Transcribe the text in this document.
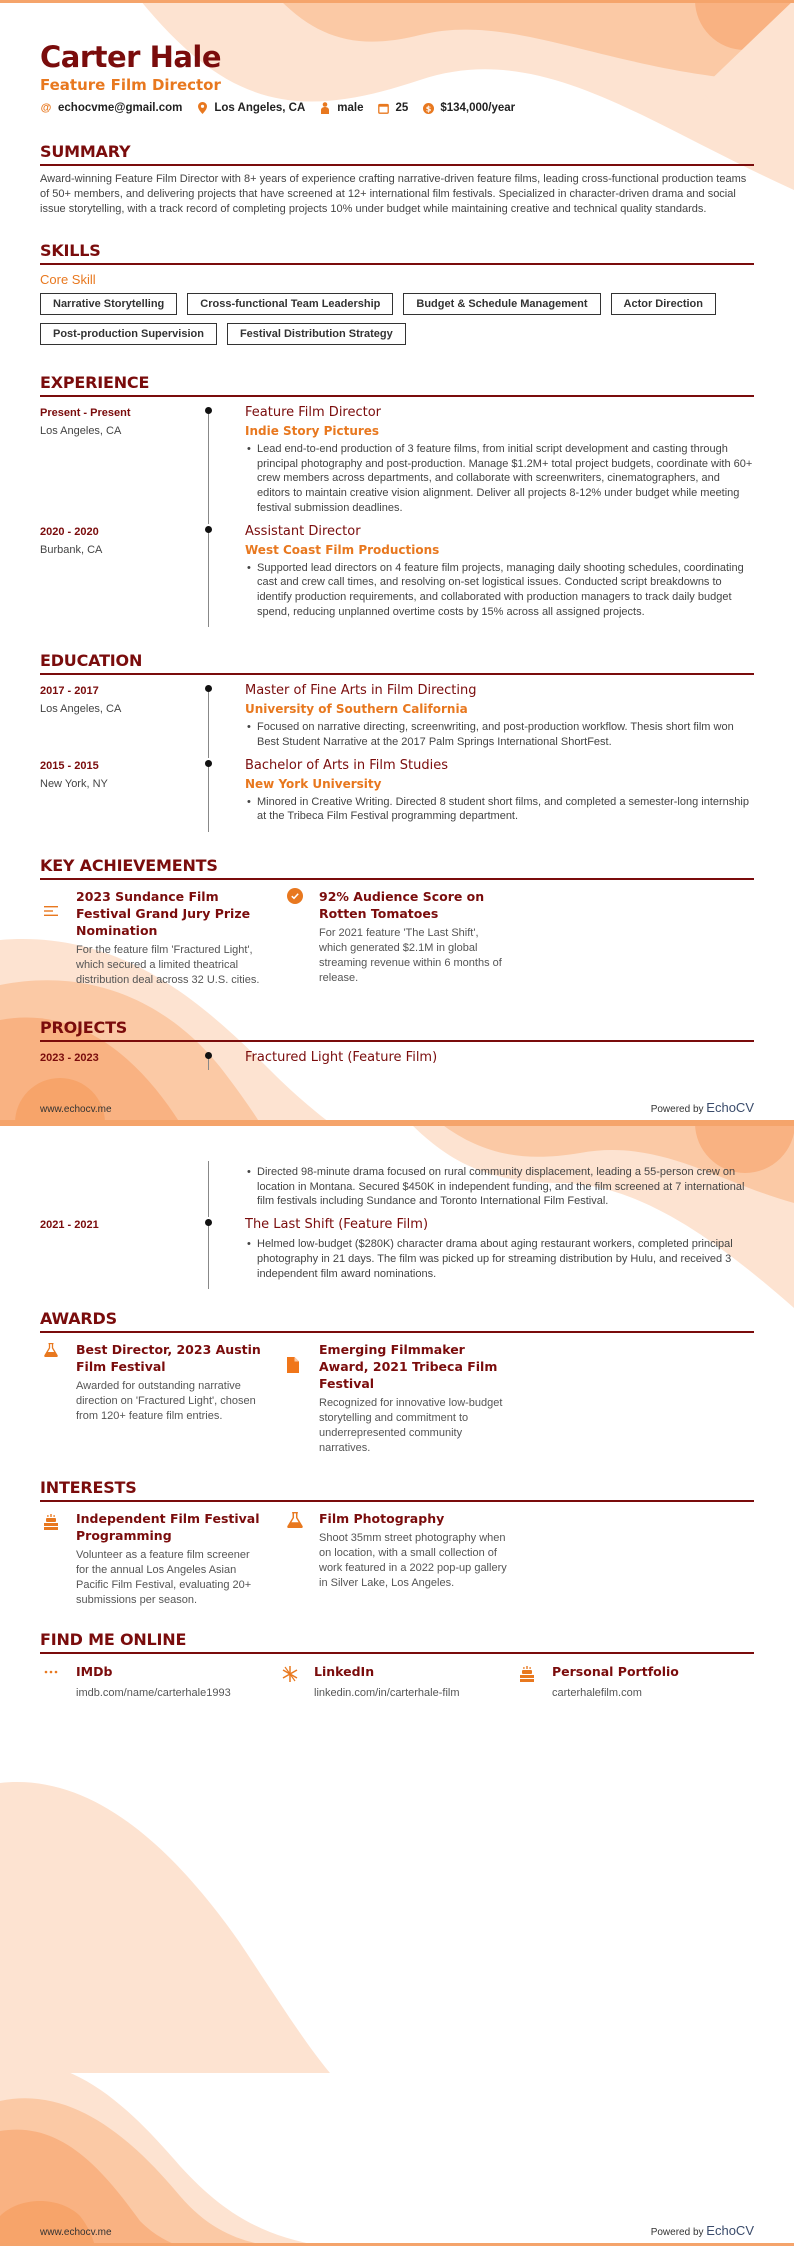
Carter Hale
Feature Film Director
@ echocvme@gmail.com	Los Angeles, CA	male	25 $ $134,000/year
SUMMARY
Award-winning Feature Film Director with 8+ years of experience crafting narrative-driven feature films, leading cross-functional production teams of 50+ members, and delivering projects that have screened at 12+ international film festivals. Specialized in character-driven drama and social issue storytelling, with a track record of completing projects 10% under budget while maintaining creative and technical quality standards.
SKILLS
Core Skill
Narrative Storytelling	Cross-functional Team Leadership	Budget & Schedule Management	Actor Direction
Post-production Supervision	Festival Distribution Strategy
EXPERIENCE
Present - Present
Los Angeles, CA
Feature Film Director
Indie Story Pictures
• Lead end-to-end production of 3 feature films, from initial script development and casting through principal photography and post-production. Manage $1.2M+ total project budgets, coordinate with 60+ crew members across departments, and collaborate with screenwriters, cinematographers, and editors to maintain creative vision alignment. Deliver all projects 8-12% under budget while meeting festival submission deadlines.
2020 - 2020
Burbank, CA
Assistant Director
West Coast Film Productions
• Supported lead directors on 4 feature film projects, managing daily shooting schedules, coordinating cast and crew call times, and resolving on-set logistical issues. Conducted script breakdowns to identify production requirements, and collaborated with production managers to track daily budget spend, reducing unplanned overtime costs by 15% across all assigned projects.
EDUCATION
2017 - 2017
Los Angeles, CA
Master of Fine Arts in Film Directing
University of Southern California
• Focused on narrative directing, screenwriting, and post-production workflow. Thesis short film won Best Student Narrative at the 2017 Palm Springs International ShortFest.
2015 - 2015
New York, NY
Bachelor of Arts in Film Studies
New York University
• Minored in Creative Writing. Directed 8 student short films, and completed a semester-long internship at the Tribeca Film Festival programming department.
KEY ACHIEVEMENTS
2023 Sundance Film Festival Grand Jury Prize Nomination
For the feature film 'Fractured Light', which secured a limited theatrical distribution deal across 32 U.S. cities.
92% Audience Score on Rotten Tomatoes
For 2021 feature 'The Last Shift', which generated $2.1M in global streaming revenue within 6 months of release.
PROJECTS
2023 - 2023	Fractured Light (Feature Film)
www.echocv.me	Powered by EchoCV
• Directed 98-minute drama focused on rural community displacement, leading a 55-person crew on location in Montana. Secured $450K in independent funding, and the film screened at 7 international film festivals including Sundance and Toronto International Film Festival.
2021 - 2021	The Last Shift (Feature Film)
• Helmed low-budget ($280K) character drama about aging restaurant workers, completed principal photography in 21 days. The film was picked up for streaming distribution by Hulu, and received 3 independent film award nominations.
AWARDS
Best Director, 2023 Austin Film Festival
Awarded for outstanding narrative direction on 'Fractured Light', chosen from 120+ feature film entries.
Emerging Filmmaker Award, 2021 Tribeca Film Festival
Recognized for innovative low-budget storytelling and commitment to underrepresented community narratives.
INTERESTS
Independent Film Festival Programming
Volunteer as a feature film screener for the annual Los Angeles Asian Pacific Film Festival, evaluating 20+ submissions per season.
Film Photography
Shoot 35mm street photography when on location, with a small collection of work featured in a 2022 pop-up gallery in Silver Lake, Los Angeles.
FIND ME ONLINE
IMDb
imdb.com/name/carterhale1993
LinkedIn
linkedin.com/in/carterhale-film
Personal Portfolio
carterhalefilm.com
www.echocv.me	Powered by EchoCV
